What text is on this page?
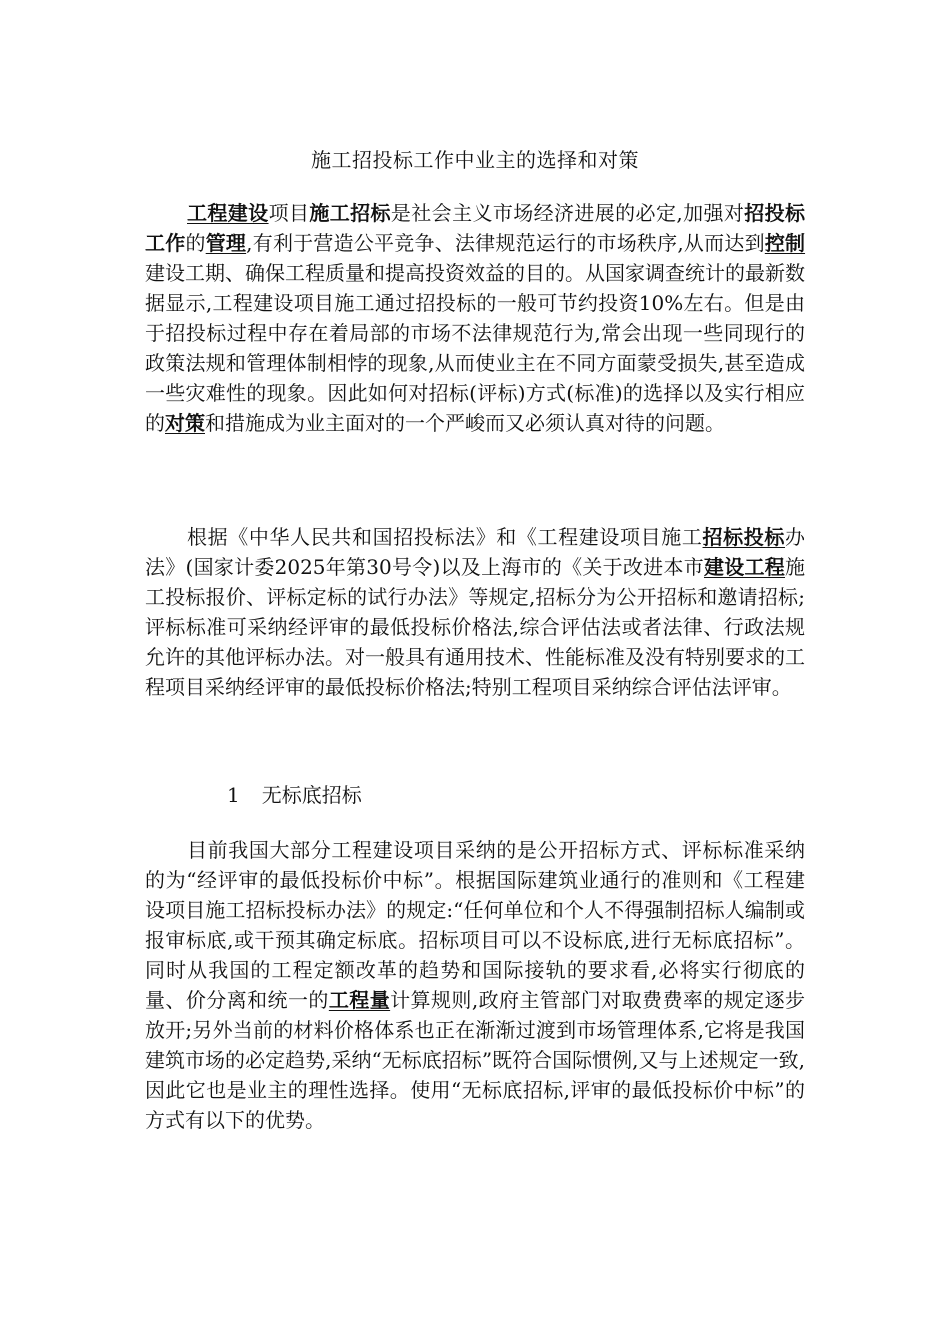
施工招投标工作中业主的选择和对策

工程建设项目施工招标是社会主义市场经济进展的必定,加强对招投标工作的管理,有利于营造公平竞争、法律规范运行的市场秩序,从而达到控制建设工期、确保工程质量和提高投资效益的目的。从国家调查统计的最新数据显示,工程建设项目施工通过招投标的一般可节约投资10%左右。但是由于招投标过程中存在着局部的市场不法律规范行为,常会出现一些同现行的政策法规和管理体制相悖的现象,从而使业主在不同方面蒙受损失,甚至造成一些灾难性的现象。因此如何对招标(评标)方式(标准)的选择以及实行相应的对策和措施成为业主面对的一个严峻而又必须认真对待的问题。

根据《中华人民共和国招投标法》和《工程建设项目施工招标投标办法》(国家计委2025年第30号令)以及上海市的《关于改进本市建设工程施工投标报价、评标定标的试行办法》等规定,招标分为公开招标和邀请招标;评标标准可采纳经评审的最低投标价格法,综合评估法或者法律、行政法规允许的其他评标办法。对一般具有通用技术、性能标准及没有特别要求的工程项目采纳经评审的最低投标价格法;特别工程项目采纳综合评估法评审。

1 无标底招标

目前我国大部分工程建设项目采纳的是公开招标方式、评标标准采纳的为“经评审的最低投标价中标”。根据国际建筑业通行的准则和《工程建设项目施工招标投标办法》的规定:“任何单位和个人不得强制招标人编制或报审标底,或干预其确定标底。招标项目可以不设标底,进行无标底招标”。同时从我国的工程定额改革的趋势和国际接轨的要求看,必将实行彻底的量、价分离和统一的工程量计算规则,政府主管部门对取费费率的规定逐步放开;另外当前的材料价格体系也正在渐渐过渡到市场管理体系,它将是我国建筑市场的必定趋势,采纳“无标底招标”既符合国际惯例,又与上述规定一致,因此它也是业主的理性选择。使用“无标底招标,评审的最低投标价中标”的方式有以下的优势。
